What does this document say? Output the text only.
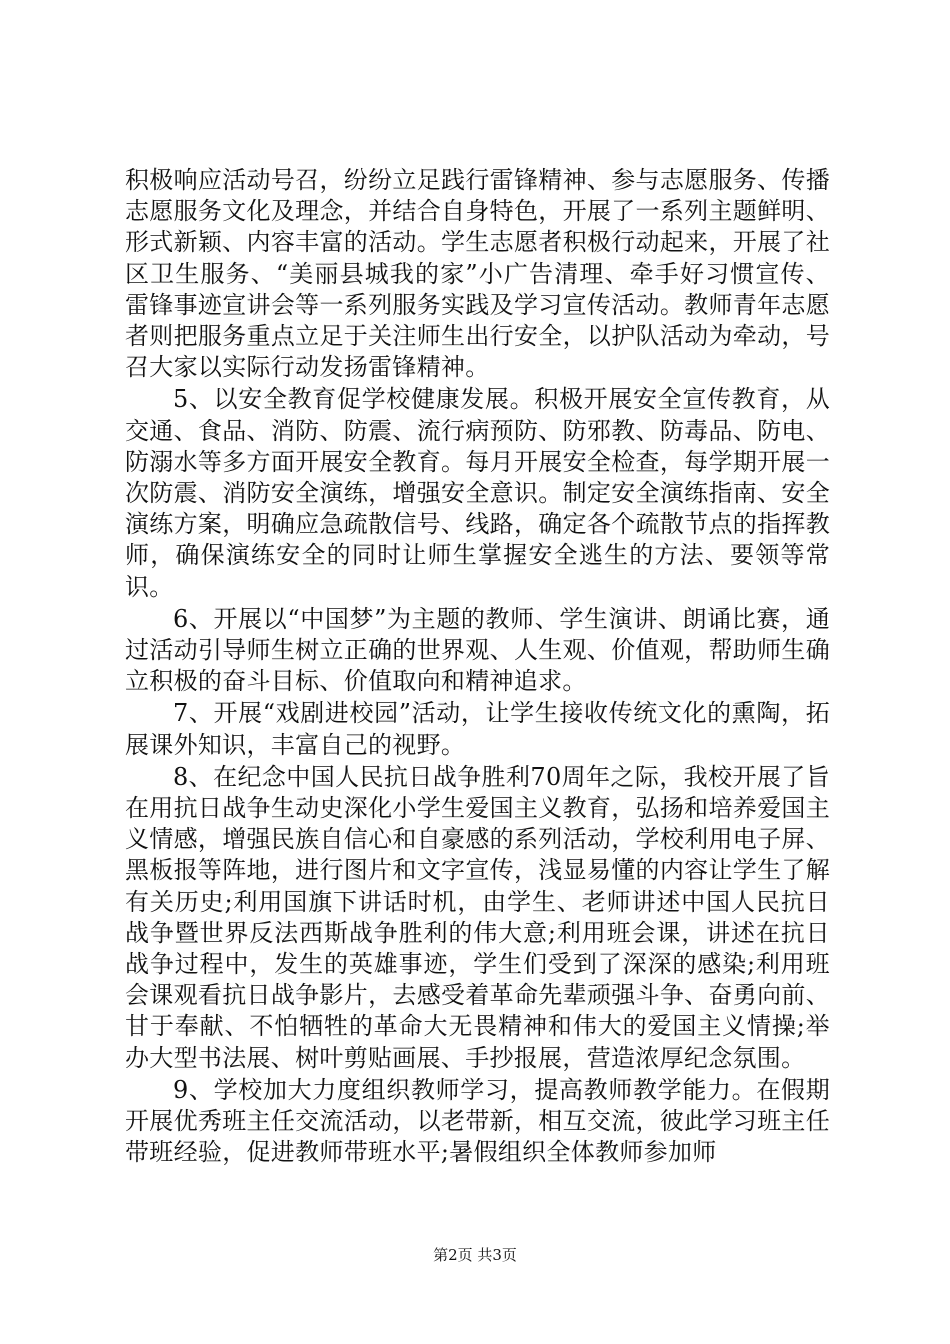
积极响应活动号召，纷纷立足践行雷锋精神、参与志愿服务、传播志愿服务文化及理念，并结合自身特色，开展了一系列主题鲜明、形式新颖、内容丰富的活动。学生志愿者积极行动起来，开展了社区卫生服务、“美丽县城我的家”小广告清理、牵手好习惯宣传、雷锋事迹宣讲会等一系列服务实践及学习宣传活动。教师青年志愿者则把服务重点立足于关注师生出行安全，以护队活动为牵动，号召大家以实际行动发扬雷锋精神。

5、以安全教育促学校健康发展。积极开展安全宣传教育，从交通、食品、消防、防震、流行病预防、防邪教、防毒品、防电、防溺水等多方面开展安全教育。每月开展安全检查，每学期开展一次防震、消防安全演练，增强安全意识。制定安全演练指南、安全演练方案，明确应急疏散信号、线路，确定各个疏散节点的指挥教师，确保演练安全的同时让师生掌握安全逃生的方法、要领等常识。

6、开展以“中国梦”为主题的教师、学生演讲、朗诵比赛，通过活动引导师生树立正确的世界观、人生观、价值观，帮助师生确立积极的奋斗目标、价值取向和精神追求。

7、开展“戏剧进校园”活动，让学生接收传统文化的熏陶，拓展课外知识，丰富自己的视野。

8、在纪念中国人民抗日战争胜利70周年之际，我校开展了旨在用抗日战争生动史深化小学生爱国主义教育，弘扬和培养爱国主义情感，增强民族自信心和自豪感的系列活动，学校利用电子屏、黑板报等阵地，进行图片和文字宣传，浅显易懂的内容让学生了解有关历史;利用国旗下讲话时机，由学生、老师讲述中国人民抗日战争暨世界反法西斯战争胜利的伟大意;利用班会课，讲述在抗日战争过程中，发生的英雄事迹，学生们受到了深深的感染;利用班会课观看抗日战争影片，去感受着革命先辈顽强斗争、奋勇向前、甘于奉献、不怕牺牲的革命大无畏精神和伟大的爱国主义情操;举办大型书法展、树叶剪贴画展、手抄报展，营造浓厚纪念氛围。

9、学校加大力度组织教师学习，提高教师教学能力。在假期开展优秀班主任交流活动，以老带新，相互交流，彼此学习班主任带班经验，促进教师带班水平;暑假组织全体教师参加师

第2页 共3页
